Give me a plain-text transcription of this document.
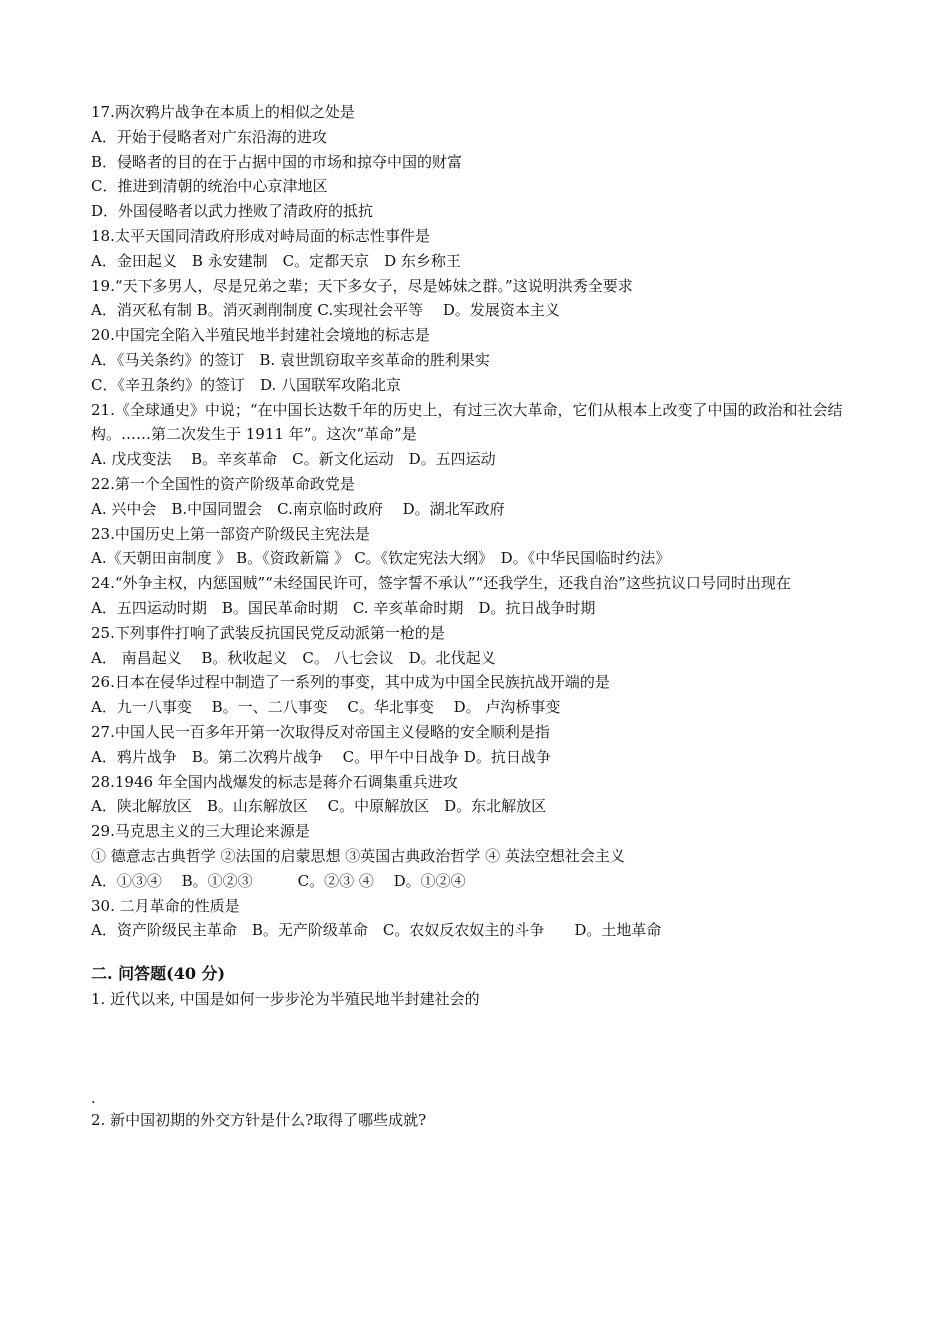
17.两次鸦片战争在本质上的相似之处是
A．开始于侵略者对广东沿海的进攻
B．侵略者的目的在于占据中国的市场和掠夺中国的财富
C．推进到清朝的统治中心京津地区
D．外国侵略者以武力挫败了清政府的抵抗
18.太平天国同清政府形成对峙局面的标志性事件是
A．金田起义　B 永安建制　C。定都天京　D 东乡称王
19.“天下多男人，尽是兄弟之辈；天下多女子，尽是姊妹之群。”这说明洪秀全要求
A．消灭私有制 B。消灭剥削制度 C.实现社会平等　 D。发展资本主义
20.中国完全陷入半殖民地半封建社会境地的标志是
A．《马关条约》的签订　B. 袁世凯窃取辛亥革命的胜利果实
C．《辛丑条约》的签订　D. 八国联军攻陷北京
21.《全球通史》中说；“在中国长达数千年的历史上，有过三次大革命，它们从根本上改变了中国的政治和社会结构。……第二次发生于 1911 年”。这次“革命”是
A. 戊戌变法　 B。辛亥革命　C。新文化运动　D。五四运动
22.第一个全国性的资产阶级革命政党是
A. 兴中会　B.中国同盟会　C.南京临时政府　 D。湖北军政府
23.中国历史上第一部资产阶级民主宪法是
A.《天朝田亩制度 》 B。《资政新篇 》 C。《钦定宪法大纲》　D。《中华民国临时约法》
24.“外争主权，内惩国贼”“未经国民许可，签字誓不承认”“还我学生，还我自治”这些抗议口号同时出现在
A．五四运动时期　B。国民革命时期　C. 辛亥革命时期　D。抗日战争时期
25.下列事件打响了武装反抗国民党反动派第一枪的是
A． 南昌起义　 B。秋收起义　C。 八七会议　D。北伐起义
26.日本在侵华过程中制造了一系列的事变，其中成为中国全民族抗战开端的是
A．九一八事变　 B。一、二八事变　 C。华北事变　 D。 卢沟桥事变
27.中国人民一百多年开第一次取得反对帝国主义侵略的安全顺利是指
A．鸦片战争　B。第二次鸦片战争　 C。甲午中日战争 D。抗日战争
28.1946 年全国内战爆发的标志是蒋介石调集重兵进攻
A．陕北解放区　B。山东解放区　 C。中原解放区　D。东北解放区
29.马克思主义的三大理论来源是
① 德意志古典哲学 ②法国的启蒙思想 ③英国古典政治哲学 ④ 英法空想社会主义
A．①③④　 B。①②③　　　C。②③ ④　 D。①②④
30. 二月革命的性质是
A．资产阶级民主革命　B。无产阶级革命　C。农奴反农奴主的斗争　　D。土地革命
二. 问答题(40 分)
1. 近代以来, 中国是如何一步步沦为半殖民地半封建社会的
.
2. 新中国初期的外交方针是什么?取得了哪些成就?
